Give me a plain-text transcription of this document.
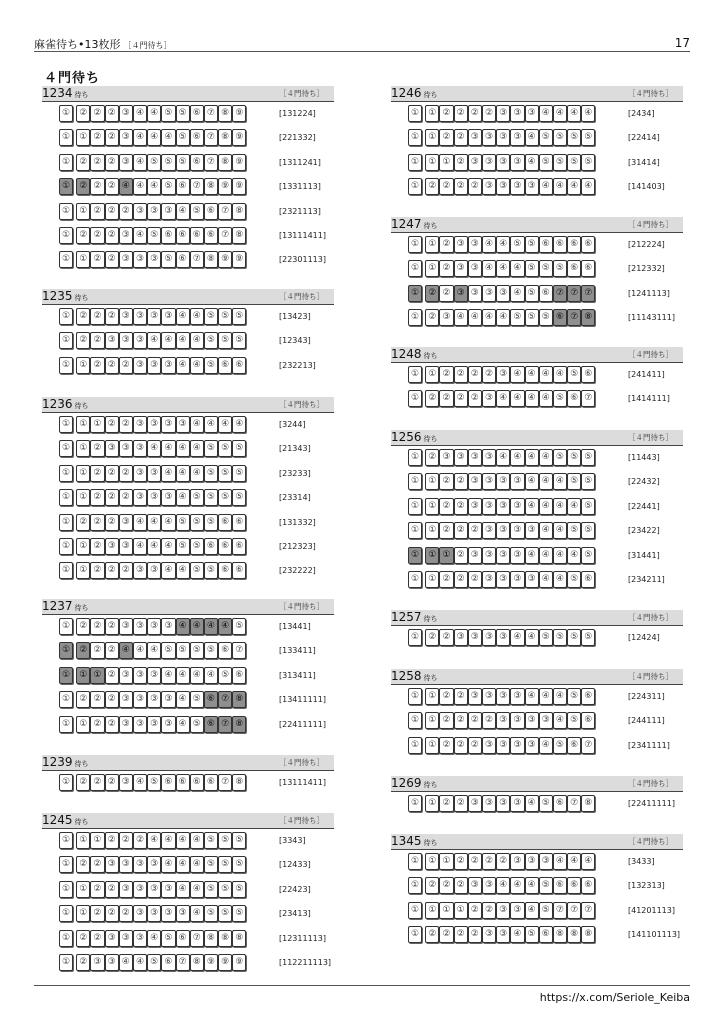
麻雀待ち•13枚形 ［４門待ち］	17
４門待ち
1234 待ち	［４門待ち］
①	② ② ② ③ ④ ④ ⑤ ⑤ ⑥ ⑦ ⑧ ⑨	[131224]
①	① ② ② ③ ④ ④ ④ ⑤ ⑥ ⑦ ⑧ ⑨	[221332]
①	② ② ② ③ ④ ⑤ ⑤ ⑤ ⑥ ⑦ ⑧ ⑨	[1311241]
①	② ② ② ④ ④ ④ ⑤ ⑥ ⑦ ⑧ ⑨ ⑨	[1331113]
①	① ② ② ② ③ ③ ③ ④ ⑤ ⑥ ⑦ ⑧	[2321113]
①	② ② ② ③ ④ ⑤ ⑥ ⑥ ⑥ ⑥ ⑦ ⑧	[13111411]
①	① ② ② ③ ③ ③ ⑤ ⑥ ⑦ ⑧ ⑨ ⑨	[22301113]
1235 待ち	［４門待ち］
①	② ② ② ③ ③ ③ ③ ④ ④ ⑤ ⑤ ⑤	[13423]
①	② ② ③ ③ ③ ④ ④ ④ ④ ⑤ ⑤ ⑤	[12343]
①	① ② ② ② ③ ③ ③ ④ ④ ⑤ ⑥ ⑥	[232213]
1236 待ち	［４門待ち］
①	① ① ② ② ③ ③ ③ ③ ④ ④ ④ ④	[3244]
①	① ② ③ ③ ③ ④ ④ ④ ④ ⑤ ⑤ ⑤	[21343]
①	① ② ② ② ③ ③ ④ ④ ④ ⑤ ⑤ ⑤	[23233]
①	① ② ② ② ③ ③ ③ ④ ⑤ ⑤ ⑤ ⑤	[23314]
①	② ② ② ③ ④ ④ ④ ⑤ ⑤ ⑤ ⑥ ⑥	[131332]
①	① ② ③ ③ ④ ④ ④ ⑤ ⑤ ⑥ ⑥ ⑥	[212323]
①	① ② ② ② ③ ③ ④ ④ ⑤ ⑤ ⑥ ⑥	[232222]
1237 待ち	［４門待ち］
①	② ② ② ③ ③ ③ ③ ④ ④ ④ ④ ⑤	[13441]
①	② ② ② ④ ④ ④ ⑤ ⑤ ⑤ ⑤ ⑥ ⑦	[133411]
①	① ① ② ③ ③ ③ ④ ④ ④ ④ ⑤ ⑥	[313411]
①	② ② ② ③ ③ ③ ③ ④ ⑤ ⑥ ⑦ ⑧	[13411111]
①	① ② ② ③ ③ ③ ③ ④ ⑤ ⑥ ⑦ ⑧	[22411111]
1239 待ち	［４門待ち］
①	② ② ② ③ ④ ⑤ ⑥ ⑥ ⑥ ⑥ ⑦ ⑧	[13111411]
1245 待ち	［４門待ち］
①	① ① ② ② ② ④ ④ ④ ④ ⑤ ⑤ ⑤	[3343]
①	② ② ③ ③ ③ ③ ④ ④ ④ ⑤ ⑤ ⑤	[12433]
①	① ② ② ③ ③ ③ ③ ④ ④ ⑤ ⑤ ⑤	[22423]
①	① ② ② ② ③ ③ ③ ③ ④ ⑤ ⑤ ⑤	[23413]
①	② ② ③ ③ ③ ④ ⑤ ⑥ ⑦ ⑧ ⑧ ⑧	[12311113]
①	② ③ ③ ④ ④ ⑤ ⑥ ⑦ ⑧ ⑨ ⑨ ⑨	[112211113]
1246 待ち	［４門待ち］
①	① ② ② ② ② ③ ③ ③ ④ ④ ④ ④	[2434]
①	① ② ② ③ ③ ③ ③ ④ ⑤ ⑤ ⑤ ⑤	[22414]
①	① ① ② ③ ③ ③ ③ ④ ⑤ ⑤ ⑤ ⑤	[31414]
①	② ② ② ② ③ ③ ③ ③ ④ ④ ④ ④	[141403]
1247 待ち	［４門待ち］
①	① ② ③ ③ ④ ④ ⑤ ⑤ ⑥ ⑥ ⑥ ⑥	[212224]
①	① ② ③ ③ ④ ④ ④ ⑤ ⑤ ⑤ ⑥ ⑥	[212332]
①	② ② ③ ③ ③ ③ ④ ⑤ ⑥ ⑦ ⑦ ⑦	[1241113]
①	② ③ ④ ④ ④ ④ ⑤ ⑤ ⑤ ⑥ ⑦ ⑧	[11143111]
1248 待ち	［４門待ち］
①	① ② ② ② ② ③ ④ ④ ④ ④ ⑤ ⑥	[241411]
①	② ② ② ② ③ ④ ④ ④ ④ ⑤ ⑥ ⑦	[1414111]
1256 待ち	［４門待ち］
①	② ③ ③ ③ ③ ④ ④ ④ ④ ⑤ ⑤ ⑤	[11443]
①	① ② ② ③ ③ ③ ③ ④ ④ ④ ⑤ ⑤	[22432]
①	① ② ② ③ ③ ③ ③ ④ ④ ④ ④ ⑤	[22441]
①	① ② ② ② ③ ③ ③ ③ ④ ④ ⑤ ⑤	[23422]
①	① ① ② ③ ③ ③ ③ ④ ④ ④ ④ ⑤	[31441]
①	① ② ② ② ③ ③ ③ ③ ④ ④ ⑤ ⑥	[234211]
1257 待ち	［４門待ち］
①	② ② ③ ③ ③ ③ ④ ④ ⑤ ⑤ ⑤ ⑤	[12424]
1258 待ち	［４門待ち］
①	① ② ② ③ ③ ③ ③ ④ ④ ④ ⑤ ⑥	[224311]
①	① ② ② ② ② ③ ③ ③ ③ ④ ⑤ ⑥	[244111]
①	① ② ② ② ③ ③ ③ ③ ④ ⑤ ⑥ ⑦	[2341111]
1269 待ち	［４門待ち］
①	① ② ② ③ ③ ③ ③ ④ ⑤ ⑥ ⑦ ⑧	[22411111]
1345 待ち	［４門待ち］
①	① ① ② ② ② ② ③ ③ ③ ④ ④ ④	[3433]
①	② ② ② ③ ③ ④ ④ ④ ⑤ ⑥ ⑥ ⑥	[132313]
①	① ① ① ② ② ③ ③ ④ ⑤ ⑦ ⑦ ⑦	[41201113]
①	② ② ② ② ③ ③ ④ ⑤ ⑥ ⑧ ⑧ ⑧	[141101113]
https://x.com/Seriole_Keiba
